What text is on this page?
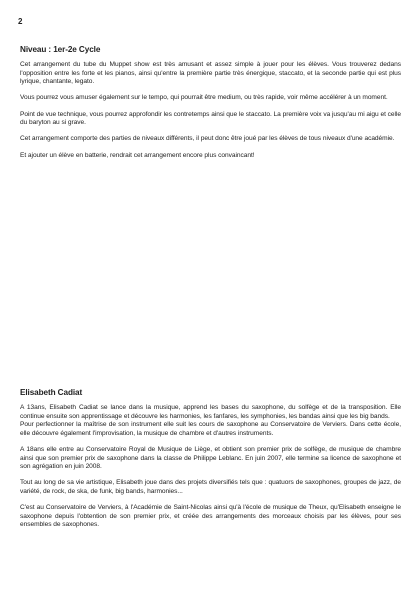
2
Niveau : 1er-2e Cycle

Cet arrangement du tube du Muppet show est très amusant et assez simple à jouer pour les élèves. Vous trouverez dedans l'opposition entre les forte et les pianos, ainsi qu'entre la première partie très énergique, staccato, et la seconde partie qui est plus lyrique, chantante, legato.

Vous pourrez vous amuser également sur le tempo, qui pourrait être medium, ou très rapide, voir même accélérer à un moment.

Point de vue technique, vous pourrez approfondir les contretemps ainsi que le staccato. La première voix va jusqu'au mi aigu et celle du baryton au si grave.

Cet arrangement comporte des parties de niveaux différents, il peut donc être joué par les élèves de tous niveaux d'une académie.

Et ajouter un élève en batterie, rendrait cet arrangement encore plus convaincant!

Elisabeth Cadiat

A 13ans, Elisabeth Cadiat se lance dans la musique, apprend les bases du saxophone, du solfège et de la transposition. Elle continue ensuite son apprentissage et découvre les harmonies, les fanfares, les symphonies, les bandas ainsi que les big bands.

Pour perfectionner la maîtrise de son instrument elle suit les cours de saxophone au Conservatoire de Verviers. Dans cette école, elle découvre également l'improvisation, la musique de chambre et d'autres instruments.

A 18ans elle entre au Conservatoire Royal de Musique de Liège, et obtient son premier prix de solfège, de musique de chambre ainsi que son premier prix de saxophone dans la classe de Philippe Leblanc. En juin 2007, elle termine sa licence de saxophone et son agrégation en juin 2008.

Tout au long de sa vie artistique, Elisabeth joue dans des projets diversifiés tels que : quatuors de saxophones, groupes de jazz, de variété, de rock, de ska, de funk, big bands, harmonies...

C'est au Conservatoire de Verviers, à l'Académie de Saint-Nicolas ainsi qu'à l'école de musique de Theux, qu'Elisabeth enseigne le saxophone depuis l'obtention de son premier prix, et créée des arrangements des morceaux choisis par les élèves, pour ses ensembles de saxophones.
